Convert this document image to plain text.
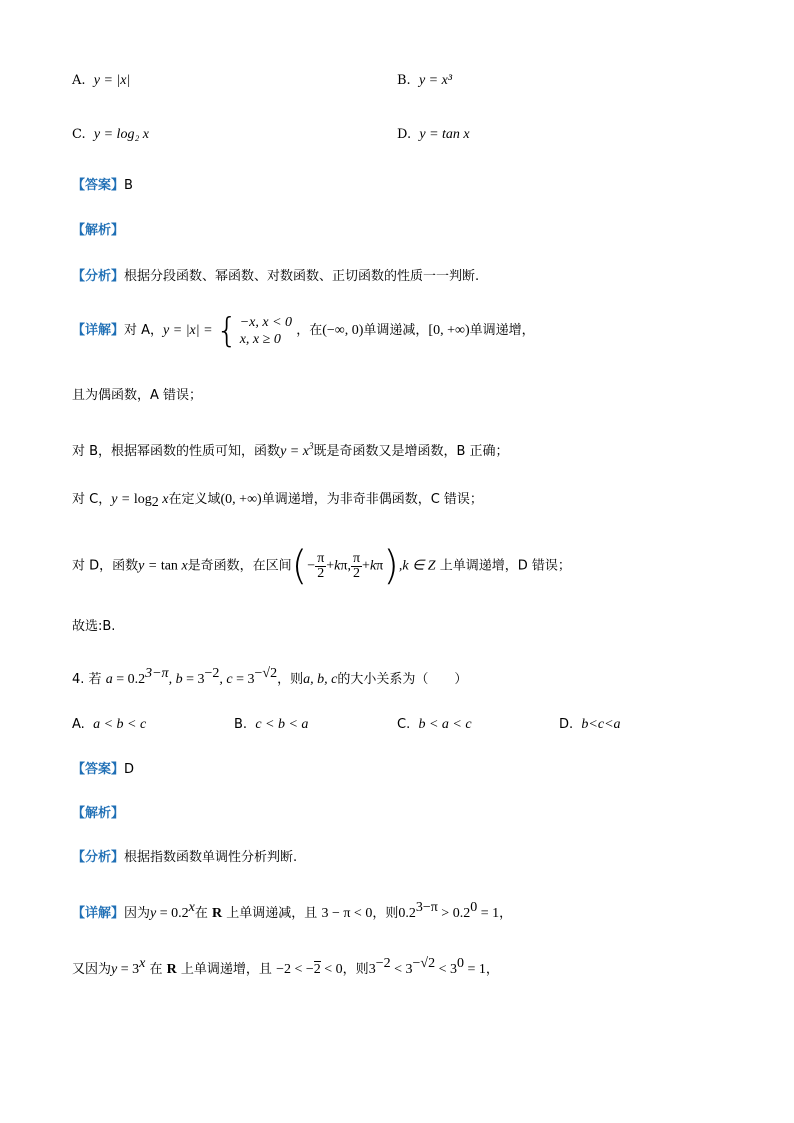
A. y = |x|	B. y = x³
C. y = log₂ x	D. y = tan x
【答案】B
【解析】
【分析】根据分段函数、幂函数、对数函数、正切函数的性质一一判断.
【详解】对 A，y = |x| = { −x, x < 0
x, x ≥ 0 ，在(−∞, 0)单调递减，[0, +∞)单调递增，
且为偶函数，A 错误；
对 B，根据幂函数的性质可知，函数$y = x^3$既是奇函数又是增函数，B 正确；
对 C，$y = \log_2 x$在定义域(0, +∞)单调递增，为非奇非偶函数，C 错误；
对 D，函数y = tan x是奇函数，在区间(− $\frac{\pi}{2} +k\pi$, $\frac{\pi}{2} +k\pi),k$ ∈ Z 上单调递增，D 错误；
故选:B.
4. 若 $a = 0.2^{3-\pi}$, $b = 3^{-2}$, $c = 3^{-√2}$，则a, b, c的大小关系为（　　）
A. a < b < c	B. c < b < a	C. b < a < c	D. b<c<a
【答案】D
【解析】
【分析】根据指数函数单调性分析判断.
【详解】因为$y = 0.2^x$在 R 上单调递减，且 3 − π < 0，则$0.2^{3-\pi} > 0.2^0 = 1$，
又因为$y = 3^x$ 在 R 上单调递增，且 −2 < −2 < 0，则$3^{-2} < 3^{-√2} < 3^0 = 1$，
